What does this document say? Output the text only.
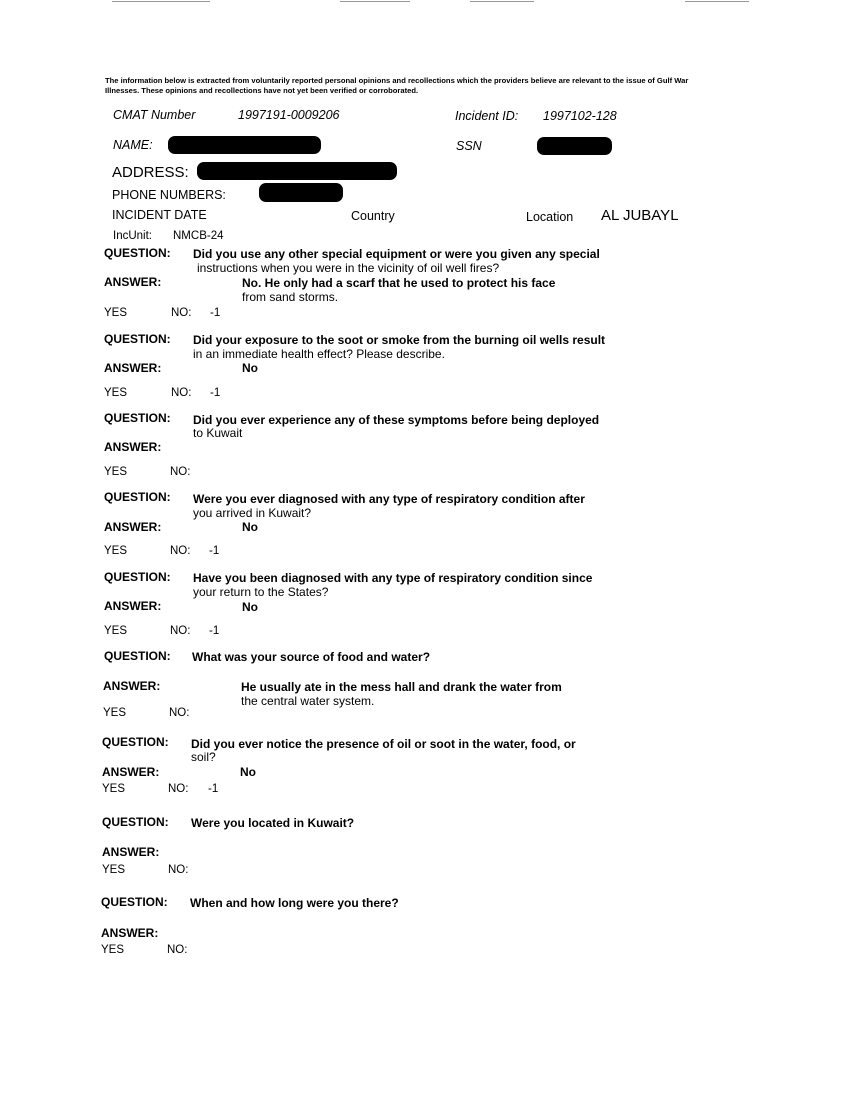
The information below is extracted from voluntarily reported personal opinions and recollections which the providers believe are relevant to the issue of Gulf War Illnesses. These opinions and recollections have not yet been verified or corroborated.
CMAT Number	1997191-0009206	Incident ID: 1997102-128
NAME:	SSN
ADDRESS:
PHONE NUMBERS:
INCIDENT DATE	Country	Location AL JUBAYL
IncUnit: NMCB-24
QUESTION: Did you use any other special equipment or were you given any special
instructions when you were in the vicinity of oil well fires?
ANSWER:	No. He only had a scarf that he used to protect his face
from sand storms.
YES	NO: -1
QUESTION: Did your exposure to the soot or smoke from the burning oil wells result
in an immediate health effect? Please describe.
ANSWER:	No
YES	NO: -1
QUESTION: Did you ever experience any of these symptoms before being deployed
to Kuwait
ANSWER:
YES	NO:
QUESTION: Were you ever diagnosed with any type of respiratory condition after
you arrived in Kuwait?
ANSWER:	No
YES	NO: -1
QUESTION: Have you been diagnosed with any type of respiratory condition since
your return to the States?
ANSWER:	No
YES	NO: -1
QUESTION: What was your source of food and water?
ANSWER:	He usually ate in the mess hall and drank the water from
the central water system.
YES	NO:
QUESTION: Did you ever notice the presence of oil or soot in the water, food, or
soil?
ANSWER:	No
YES	NO: -1
QUESTION: Were you located in Kuwait?
ANSWER:
YES	NO:
QUESTION: When and how long were you there?
ANSWER:
YES	NO:
